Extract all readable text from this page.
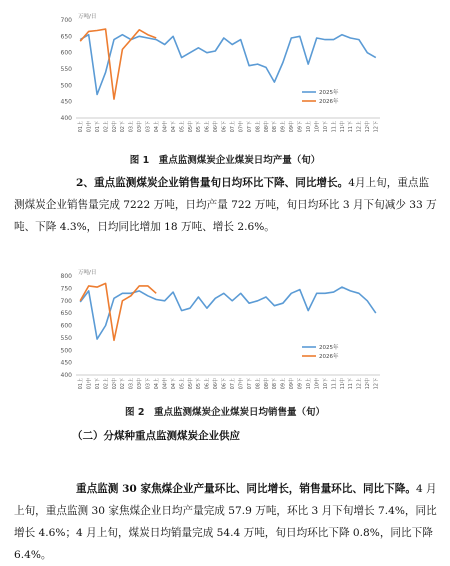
万吨/日
400
450
500
550
600
650
700
01上 01中 01下 02上 02中 02下 03上 03中 03下 04上 04中 04下 05上 05中 05下 06上 06中 06下 07上 07中 07下 08上 08中 08下 09上 09中 09下 10上 10中 10下 11上 11中 11下 12上 12中 12下
2025年
2026年
图 1　重点监测煤炭企业煤炭日均产量（旬）
2、重点监测煤炭企业销售量旬日均环比下降、同比增长。4月上旬，重点监测煤炭企业销售量完成 7222 万吨，日均产量 722 万吨，旬日均环比 3 月下旬减少 33 万吨、下降 4.3%，日均同比增加 18 万吨、增长 2.6%。
万吨/日
400
450
500
550
600
650
700
750
800
01上 01中 01下 02上 02中 02下 03上 03中 03下 04上 04中 04下 05上 05中 05下 06上 06中 06下 07上 07中 07下 08上 08中 08下 09上 09中 09下 10上 10中 10下 11上 11中 11下 12上 12中 12下
2025年
2026年
图 2　重点监测煤炭企业煤炭日均销售量（旬）
（二）分煤种重点监测煤炭企业供应
重点监测 30 家焦煤企业产量环比、同比增长，销售量环比、同比下降。4 月上旬，重点监测 30 家焦煤企业日均产量完成 57.9 万吨，环比 3 月下旬增长 7.4%，同比增长 4.6%；4 月上旬，煤炭日均销量完成 54.4 万吨，旬日均环比下降 0.8%，同比下降 6.4%。
